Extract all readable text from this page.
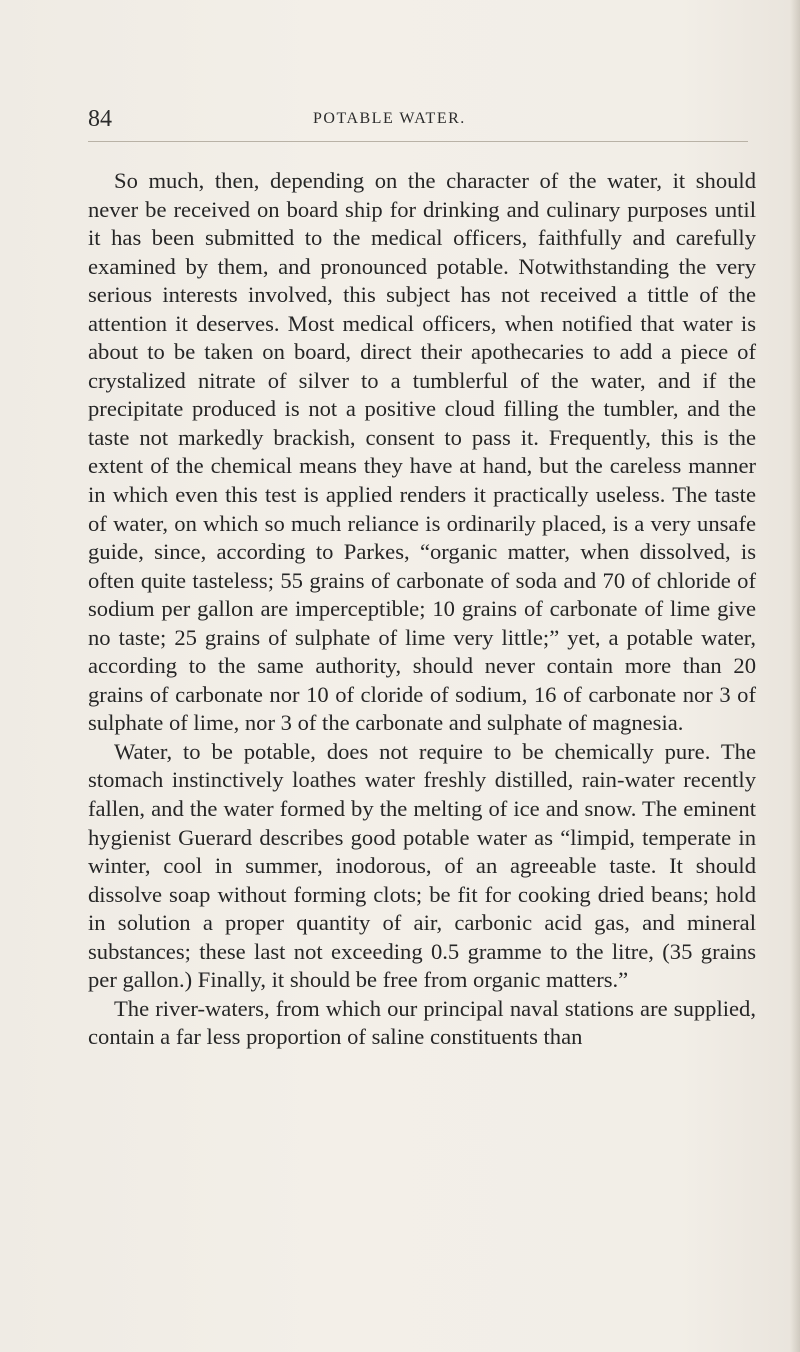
84	POTABLE WATER.

So much, then, depending on the character of the water, it should never be received on board ship for drinking and culinary purposes until it has been submitted to the medical officers, faithfully and carefully examined by them, and pronounced potable. Notwithstanding the very serious interests involved, this subject has not received a tittle of the attention it deserves. Most medical officers, when notified that water is about to be taken on board, direct their apothecaries to add a piece of crystalized nitrate of silver to a tumblerful of the water, and if the precipitate produced is not a positive cloud filling the tumbler, and the taste not markedly brackish, consent to pass it. Frequently, this is the extent of the chemical means they have at hand, but the careless manner in which even this test is applied renders it practically useless. The taste of water, on which so much reliance is ordinarily placed, is a very unsafe guide, since, according to Parkes, “organic matter, when dissolved, is often quite tasteless; 55 grains of carbonate of soda and 70 of chloride of sodium per gallon are imperceptible; 10 grains of carbonate of lime give no taste; 25 grains of sulphate of lime very little;” yet, a potable water, according to the same authority, should never contain more than 20 grains of carbonate nor 10 of cloride of sodium, 16 of carbonate nor 3 of sulphate of lime, nor 3 of the carbonate and sulphate of magnesia.

Water, to be potable, does not require to be chemically pure. The stomach instinctively loathes water freshly distilled, rain-water recently fallen, and the water formed by the melting of ice and snow. The eminent hygienist Guerard describes good potable water as “limpid, temperate in winter, cool in summer, inodorous, of an agreeable taste. It should dissolve soap without forming clots; be fit for cooking dried beans; hold in solution a proper quantity of air, carbonic acid gas, and mineral substances; these last not exceeding 0.5 gramme to the litre, (35 grains per gallon.) Finally, it should be free from organic matters.”

The river-waters, from which our principal naval stations are supplied, contain a far less proportion of saline constituents than
